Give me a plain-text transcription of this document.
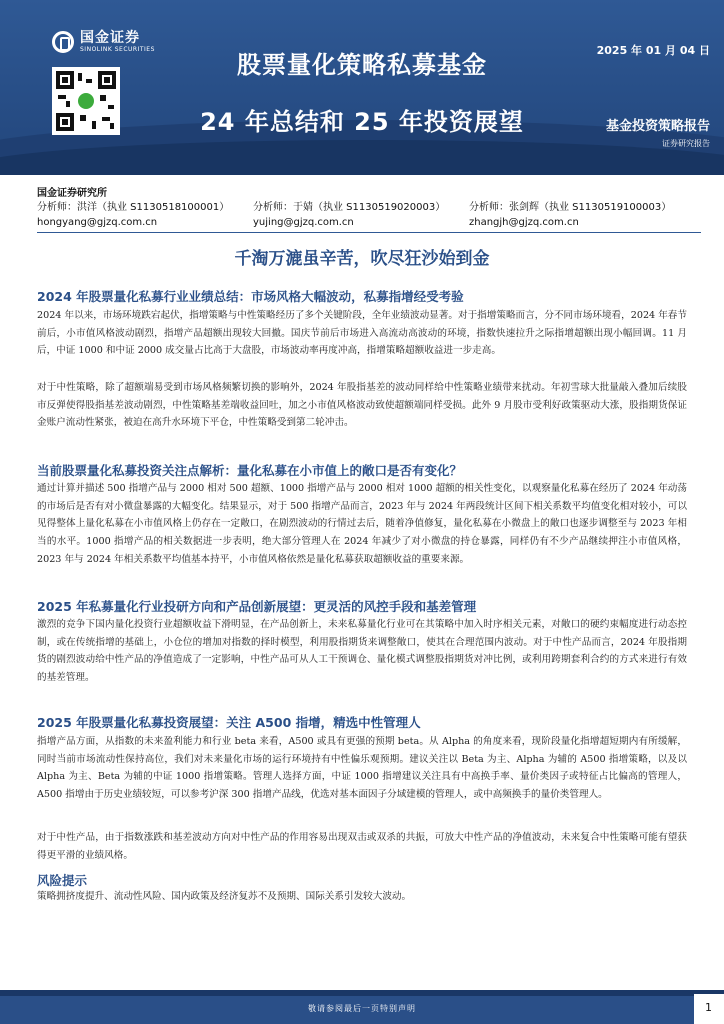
国金证券
SINOLINK SECURITIES
股票量化策略私募基金
24 年总结和 25 年投资展望
2025 年 01 月 04 日
基金投资策略报告
证券研究报告
国金证券研究所
分析师：洪洋（执业 S1130518100001）
hongyang@gjzq.com.cn
分析师：于婧（执业 S1130519020003）
yujing@gjzq.com.cn
分析师：张剑辉（执业 S1130519100003）
zhangjh@gjzq.com.cn
千淘万漉虽辛苦，吹尽狂沙始到金
2024 年股票量化私募行业业绩总结：市场风格大幅波动，私募指增经受考验
2024 年以来，市场环境跌宕起伏，指增策略与中性策略经历了多个关键阶段，全年业绩波动显著。对于指增策略而言，分不同市场环境看，2024 年春节前后，小市值风格波动剧烈，指增产品超额出现较大回撤。国庆节前后市场进入高流动高波动的环境，指数快速拉升之际指增超额出现小幅回调。11 月后，中证 1000 和中证 2000 成交量占比高于大盘股，市场波动率再度冲高，指增策略超额收益进一步走高。
对于中性策略，除了超额端易受到市场风格频繁切换的影响外，2024 年股指基差的波动同样给中性策略业绩带来扰动。年初雪球大批量敲入叠加后续股市反弹使得股指基差波动剧烈，中性策略基差端收益回吐，加之小市值风格波动致使超额端同样受损。此外 9 月股市受利好政策驱动大涨，股指期货保证金账户流动性紧张，被迫在高升水环境下平仓，中性策略受到第二轮冲击。
当前股票量化私募投资关注点解析：量化私募在小市值上的敞口是否有变化？
通过计算并描述 500 指增产品与 2000 相对 500 超额、1000 指增产品与 2000 相对 1000 超额的相关性变化，以观察量化私募在经历了 2024 年动荡的市场后是否有对小微盘暴露的大幅变化。结果显示，对于 500 指增产品而言，2023 年与 2024 年两段统计区间下相关系数平均值变化相对较小，可以见得整体上量化私募在小市值风格上仍存在一定敞口，在剧烈波动的行情过去后，随着净值修复，量化私募在小微盘上的敞口也逐步调整至与 2023 年相当的水平。1000 指增产品的相关数据进一步表明，绝大部分管理人在 2024 年减少了对小微盘的持仓暴露，同样仍有不少产品继续押注小市值风格，2023 年与 2024 年相关系数平均值基本持平，小市值风格依然是量化私募获取超额收益的重要来源。
2025 年私募量化行业投研方向和产品创新展望：更灵活的风控手段和基差管理
激烈的竞争下国内量化投资行业超额收益下滑明显，在产品创新上，未来私募量化行业可在其策略中加入时序相关元素，对敞口的硬约束幅度进行动态控制，或在传统指增的基础上，小仓位的增加对指数的择时模型，利用股指期货来调整敞口，使其在合理范围内波动。对于中性产品而言，2024 年股指期货的剧烈波动给中性产品的净值造成了一定影响，中性产品可从人工干预调仓、量化模式调整股指期货对冲比例，或利用跨期套利合约的方式来进行有效的基差管理。
2025 年股票量化私募投资展望：关注 A500 指增，精选中性管理人
指增产品方面，从指数的未来盈利能力和行业 beta 来看，A500 或具有更强的预期 beta。从 Alpha 的角度来看，现阶段量化指增超短期内有所缓解，同时当前市场流动性保持高位，我们对未来量化市场的运行环境持有中性偏乐观预期。建议关注以 Beta 为主、Alpha 为辅的 A500 指增策略，以及以 Alpha 为主、Beta 为辅的中证 1000 指增策略。管理人选择方面，中证 1000 指增建议关注具有中高换手率、量价类因子或特征占比偏高的管理人，A500 指增由于历史业绩较短，可以参考沪深 300 指增产品线，优选对基本面因子分域建模的管理人，或中高频换手的量价类管理人。
对于中性产品，由于指数涨跌和基差波动方向对中性产品的作用容易出现双击或双杀的共振，可放大中性产品的净值波动，未来复合中性策略可能有望获得更平滑的业绩风格。
风险提示
策略拥挤度提升、流动性风险、国内政策及经济复苏不及预期、国际关系引发较大波动。
敬请参阅最后一页特别声明	1
